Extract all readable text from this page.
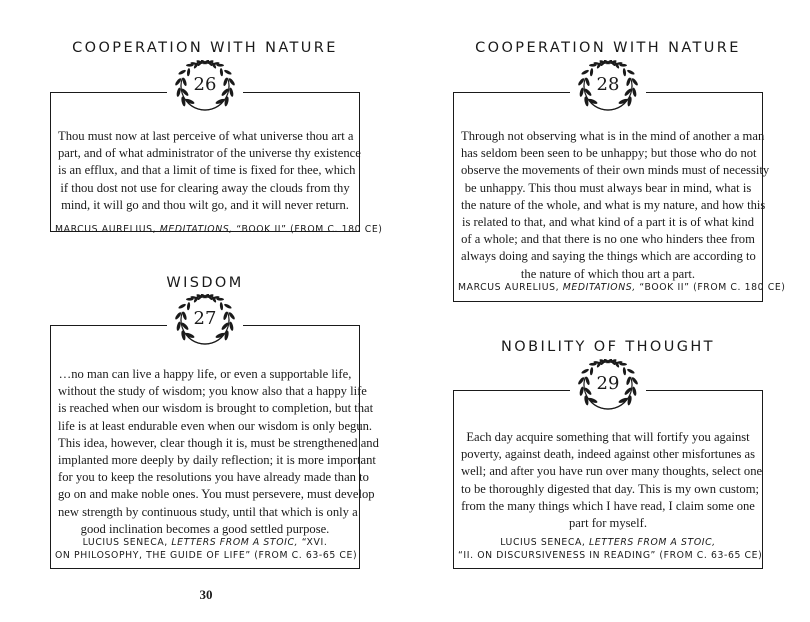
COOPERATION WITH NATURE
26
Thou must now at last perceive of what universe thou art a
part, and of what administrator of the universe thy existence
is an efflux, and that a limit of time is fixed for thee, which
if thou dost not use for clearing away the clouds from thy
mind, it will go and thou wilt go, and it will never return.
MARCUS AURELIUS, MEDITATIONS, “BOOK II” (FROM C. 180 CE)
WISDOM
27
…no man can live a happy life, or even a supportable life,
without the study of wisdom; you know also that a happy life
is reached when our wisdom is brought to completion, but that
life is at least endurable even when our wisdom is only begun.
This idea, however, clear though it is, must be strengthened and
implanted more deeply by daily reflection; it is more important
for you to keep the resolutions you have already made than to
go on and make noble ones. You must persevere, must develop
new strength by continuous study, until that which is only a
good inclination becomes a good settled purpose.
LUCIUS SENECA, LETTERS FROM A STOIC, “XVI.
ON PHILOSOPHY, THE GUIDE OF LIFE” (FROM C. 63-65 CE)
COOPERATION WITH NATURE
28
Through not observing what is in the mind of another a man
has seldom been seen to be unhappy; but those who do not
observe the movements of their own minds must of necessity
be unhappy. This thou must always bear in mind, what is
the nature of the whole, and what is my nature, and how this
is related to that, and what kind of a part it is of what kind
of a whole; and that there is no one who hinders thee from
always doing and saying the things which are according to
the nature of which thou art a part.
MARCUS AURELIUS, MEDITATIONS, “BOOK II” (FROM C. 180 CE)
NOBILITY OF THOUGHT
29
Each day acquire something that will fortify you against
poverty, against death, indeed against other misfortunes as
well; and after you have run over many thoughts, select one
to be thoroughly digested that day. This is my own custom;
from the many things which I have read, I claim some one
part for myself.
LUCIUS SENECA, LETTERS FROM A STOIC,
“II. ON DISCURSIVENESS IN READING” (FROM C. 63-65 CE)
30
